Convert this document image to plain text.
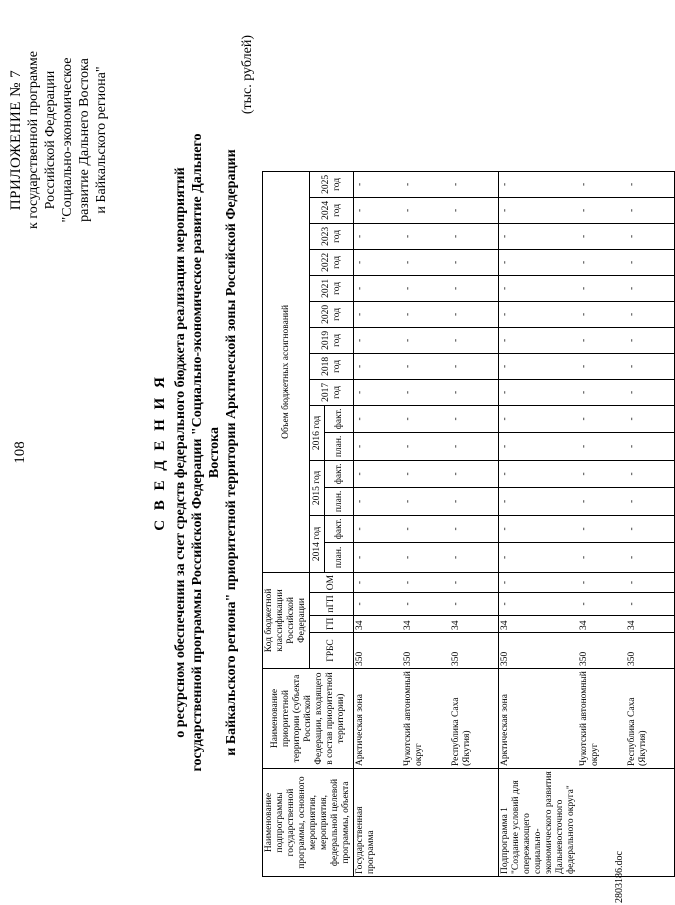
108
ПРИЛОЖЕНИЕ № 7 к государственной программе Российской Федерации "Социально-экономическое развитие Дальнего Востока и Байкальского региона"
С В Е Д Е Н И Я о ресурсном обеспечении за счет средств федерального бюджета реализации мероприятий государственной программы Российской Федерации "Социально-экономическое развитие Дальнего Востока и Байкальского региона" приоритетной территории Арктической зоны Российской Федерации
(тыс. рублей)
Наименование подпрограммы государственной программы, основного мероприятия, мероприятия, федеральной целевой программы, объекта	Наименование приоритетной территории (субъекта Российской Федерации, входящего в состав приоритетной территории)	Код бюджетной классификации Российской Федерации				Объем бюджетных ассигнований														
		ГРБС	ГП	пГП	ОМ	2014 год		2015 год		2016 год		2017 год	2018 год	2019 год	2020 год	2021 год	2022 год	2023 год	2024 год	2025 год
						план.	факт.	план.	факт.	план.	факт.									

Государственная программа	Арктическая зона	350	34	-	-	-	-	-	-	-	-	-	-	-	-	-	-	-	-	-
	Чукотский автономный округ	350	34	-	-	-	-	-	-	-	-	-	-	-	-	-	-	-	-	-
	Республика Саха (Якутия)	350	34	-	-	-	-	-	-	-	-	-	-	-	-	-	-	-	-	-
Подпрограмма 1 "Создание условий для опережающего социально-экономического развития Дальневосточного федерального округа"	Арктическая зона	350	34	-	-	-	-	-	-	-	-	-	-	-	-	-	-	-	-	-
	Чукотский автономный округ	350	34	-	-	-	-	-	-	-	-	-	-	-	-	-	-	-	-	-
	Республика Саха (Якутия)	350	34	-	-	-	-	-	-	-	-	-	-	-	-	-	-	-	-	-
2803186.doc
